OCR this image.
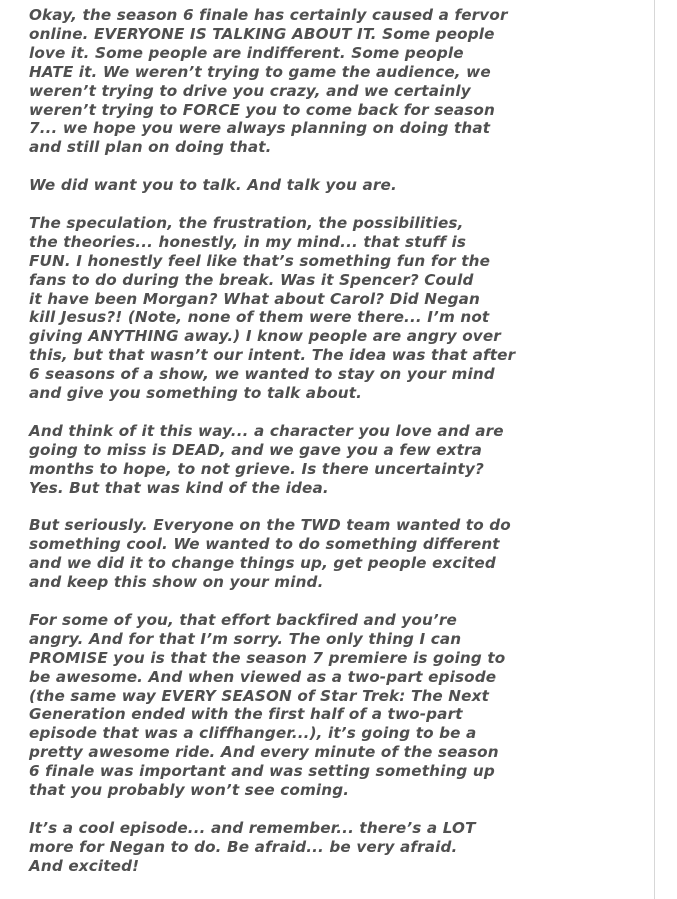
Okay, the season 6 finale has certainly caused a fervor
online. EVERYONE IS TALKING ABOUT IT. Some people
love it. Some people are indifferent. Some people
HATE it. We weren’t trying to game the audience, we
weren’t trying to drive you crazy, and we certainly
weren’t trying to FORCE you to come back for season
7... we hope you were always planning on doing that
and still plan on doing that.
We did want you to talk. And talk you are.
The speculation, the frustration, the possibilities,
the theories... honestly, in my mind... that stuff is
FUN. I honestly feel like that’s something fun for the
fans to do during the break. Was it Spencer? Could
it have been Morgan? What about Carol? Did Negan
kill Jesus?! (Note, none of them were there... I’m not
giving ANYTHING away.) I know people are angry over
this, but that wasn’t our intent. The idea was that after
6 seasons of a show, we wanted to stay on your mind
and give you something to talk about.
And think of it this way... a character you love and are
going to miss is DEAD, and we gave you a few extra
months to hope, to not grieve. Is there uncertainty?
Yes. But that was kind of the idea.
But seriously. Everyone on the TWD team wanted to do
something cool. We wanted to do something different
and we did it to change things up, get people excited
and keep this show on your mind.
For some of you, that effort backfired and you’re
angry. And for that I’m sorry. The only thing I can
PROMISE you is that the season 7 premiere is going to
be awesome. And when viewed as a two-part episode
(the same way EVERY SEASON of Star Trek: The Next
Generation ended with the first half of a two-part
episode that was a cliffhanger...), it’s going to be a
pretty awesome ride. And every minute of the season
6 finale was important and was setting something up
that you probably won’t see coming.
It’s a cool episode... and remember... there’s a LOT
more for Negan to do. Be afraid... be very afraid.
And excited!
